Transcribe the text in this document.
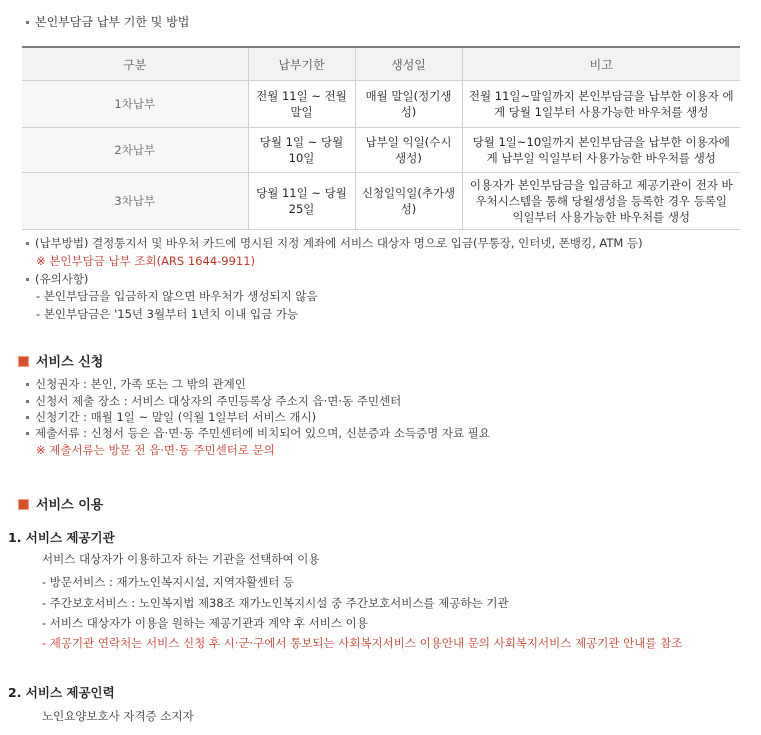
본인부담금 납부 기한 및 방법
구분	납부기한	생성일	비고
1차납부	전월 11일 ~ 전월 말일	매월 말일(정기생성)	전월 11일~말일까지 본인부담금을 납부한 이용자 에게 당월 1일부터 사용가능한 바우처를 생성
2차납부	당월 1일 ~ 당월 10일	납부일 익일(수시생성)	당월 1일~10일까지 본인부담금을 납부한 이용자에게 납부일 익일부터 사용가능한 바우처를 생성
3차납부	당월 11일 ~ 당월 25일	신청일익일(추가생성)	이용자가 본인부담금을 입금하고 제공기관이 전자 바우처시스템을 통해 당월생성을 등록한 경우 등록일 익일부터 사용가능한 바우처를 생성
(납부방법) 결정통지서 및 바우처 카드에 명시된 지정 계좌에 서비스 대상자 명으로 입금(무통장, 인터넷, 폰뱅킹, ATM 등)
※ 본인부담금 납부 조회(ARS 1644-9911)
(유의사항)
- 본인부담금을 입금하지 않으면 바우처가 생성되지 않음
- 본인부담금은 '15년 3월부터 1년치 이내 입금 가능
서비스 신청
신청권자 : 본인, 가족 또는 그 밖의 관계인
신청서 제출 장소 : 서비스 대상자의 주민등록상 주소지 읍·면·동 주민센터
신청기간 : 매월 1일 ~ 말일 (익월 1일부터 서비스 개시)
제출서류 : 신청서 등은 읍·면·동 주민센터에 비치되어 있으며, 신분증과 소득증명 자료 필요
※ 제출서류는 방문 전 읍·면·동 주민센터로 문의
서비스 이용
1. 서비스 제공기관
서비스 대상자가 이용하고자 하는 기관을 선택하여 이용
- 방문서비스 : 재가노인복지시설, 지역자활센터 등
- 주간보호서비스 : 노인복지법 제38조 재가노인복지시설 중 주간보호서비스를 제공하는 기관
- 서비스 대상자가 이용을 원하는 제공기관과 계약 후 서비스 이용
- 제공기관 연락처는 서비스 신청 후 시·군·구에서 통보되는 사회복지서비스 이용안내 문의 사회복지서비스 제공기관 안내를 참조
2. 서비스 제공인력
노인요양보호사 자격증 소지자
